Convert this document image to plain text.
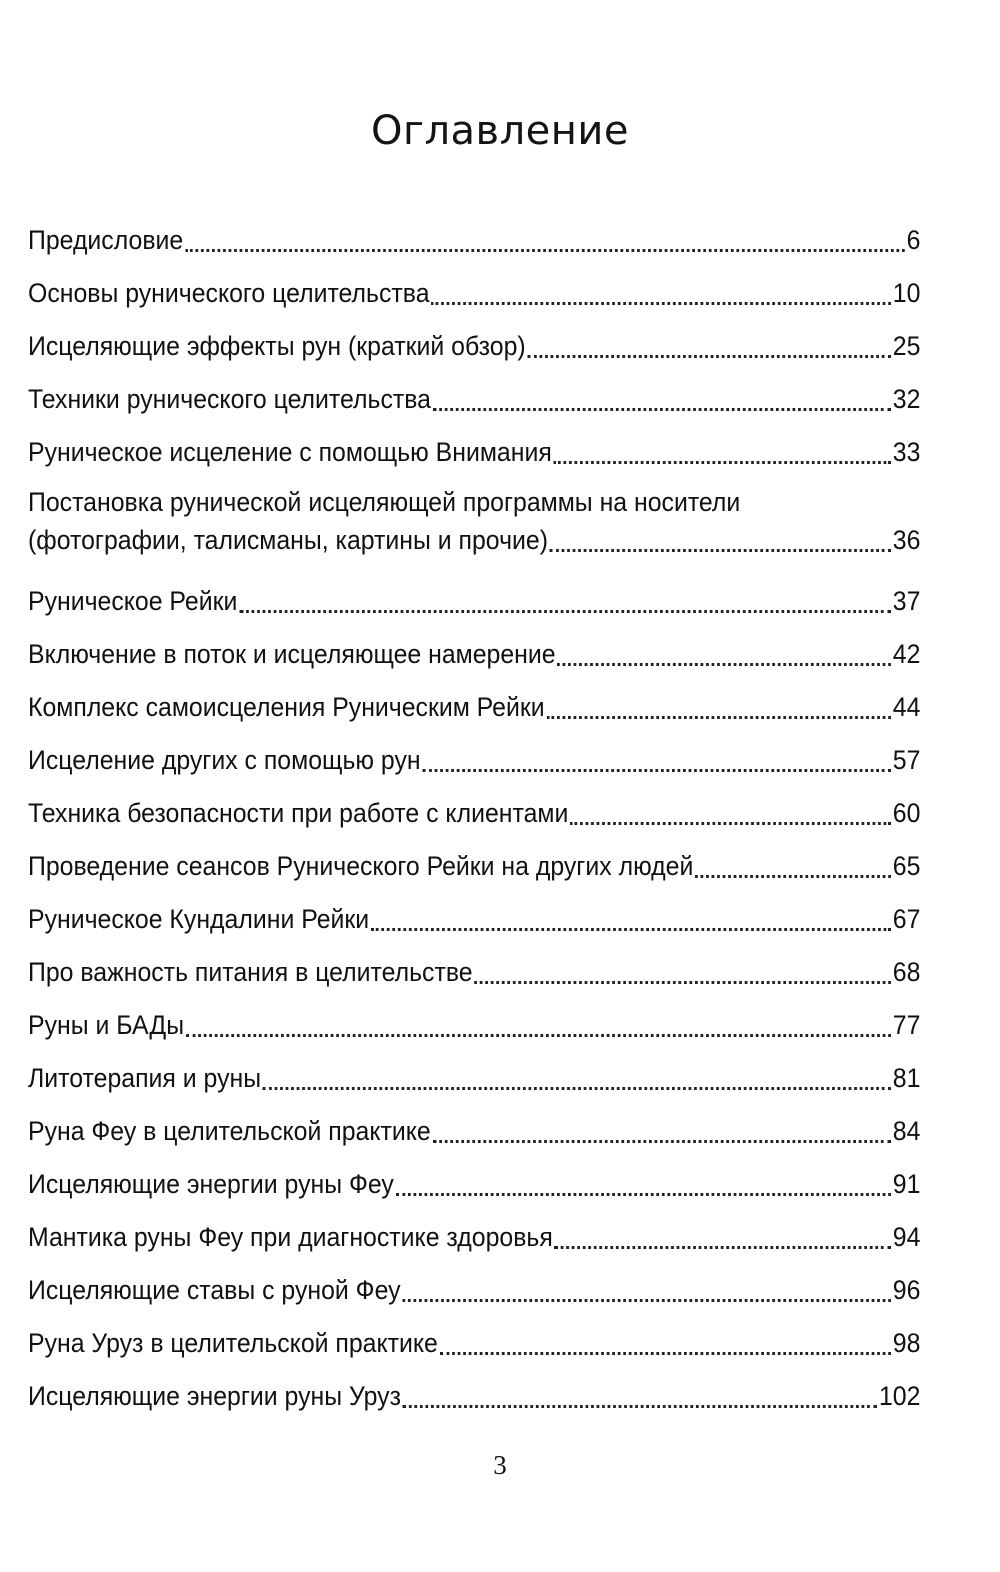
Оглавление
Предисловие	6
Основы рунического целительства	10
Исцеляющие эффекты рун (краткий обзор)	25
Техники рунического целительства	32
Руническое исцеление с помощью Внимания	33
Постановка рунической исцеляющей программы на носители
(фотографии, талисманы, картины и прочие)	36
Руническое Рейки	37
Включение в поток и исцеляющее намерение	42
Комплекс самоисцеления Руническим Рейки	44
Исцеление других с помощью рун	57
Техника безопасности при работе с клиентами	60
Проведение сеансов Рунического Рейки на других людей	65
Руническое Кундалини Рейки	67
Про важность питания в целительстве	68
Руны и БАДы	77
Литотерапия и руны	81
Руна Феу в целительской практике	84
Исцеляющие энергии руны Феу	91
Мантика руны Феу при диагностике здоровья	94
Исцеляющие ставы с руной Феу	96
Руна Уруз в целительской практике	98
Исцеляющие энергии руны Уруз	102
3
